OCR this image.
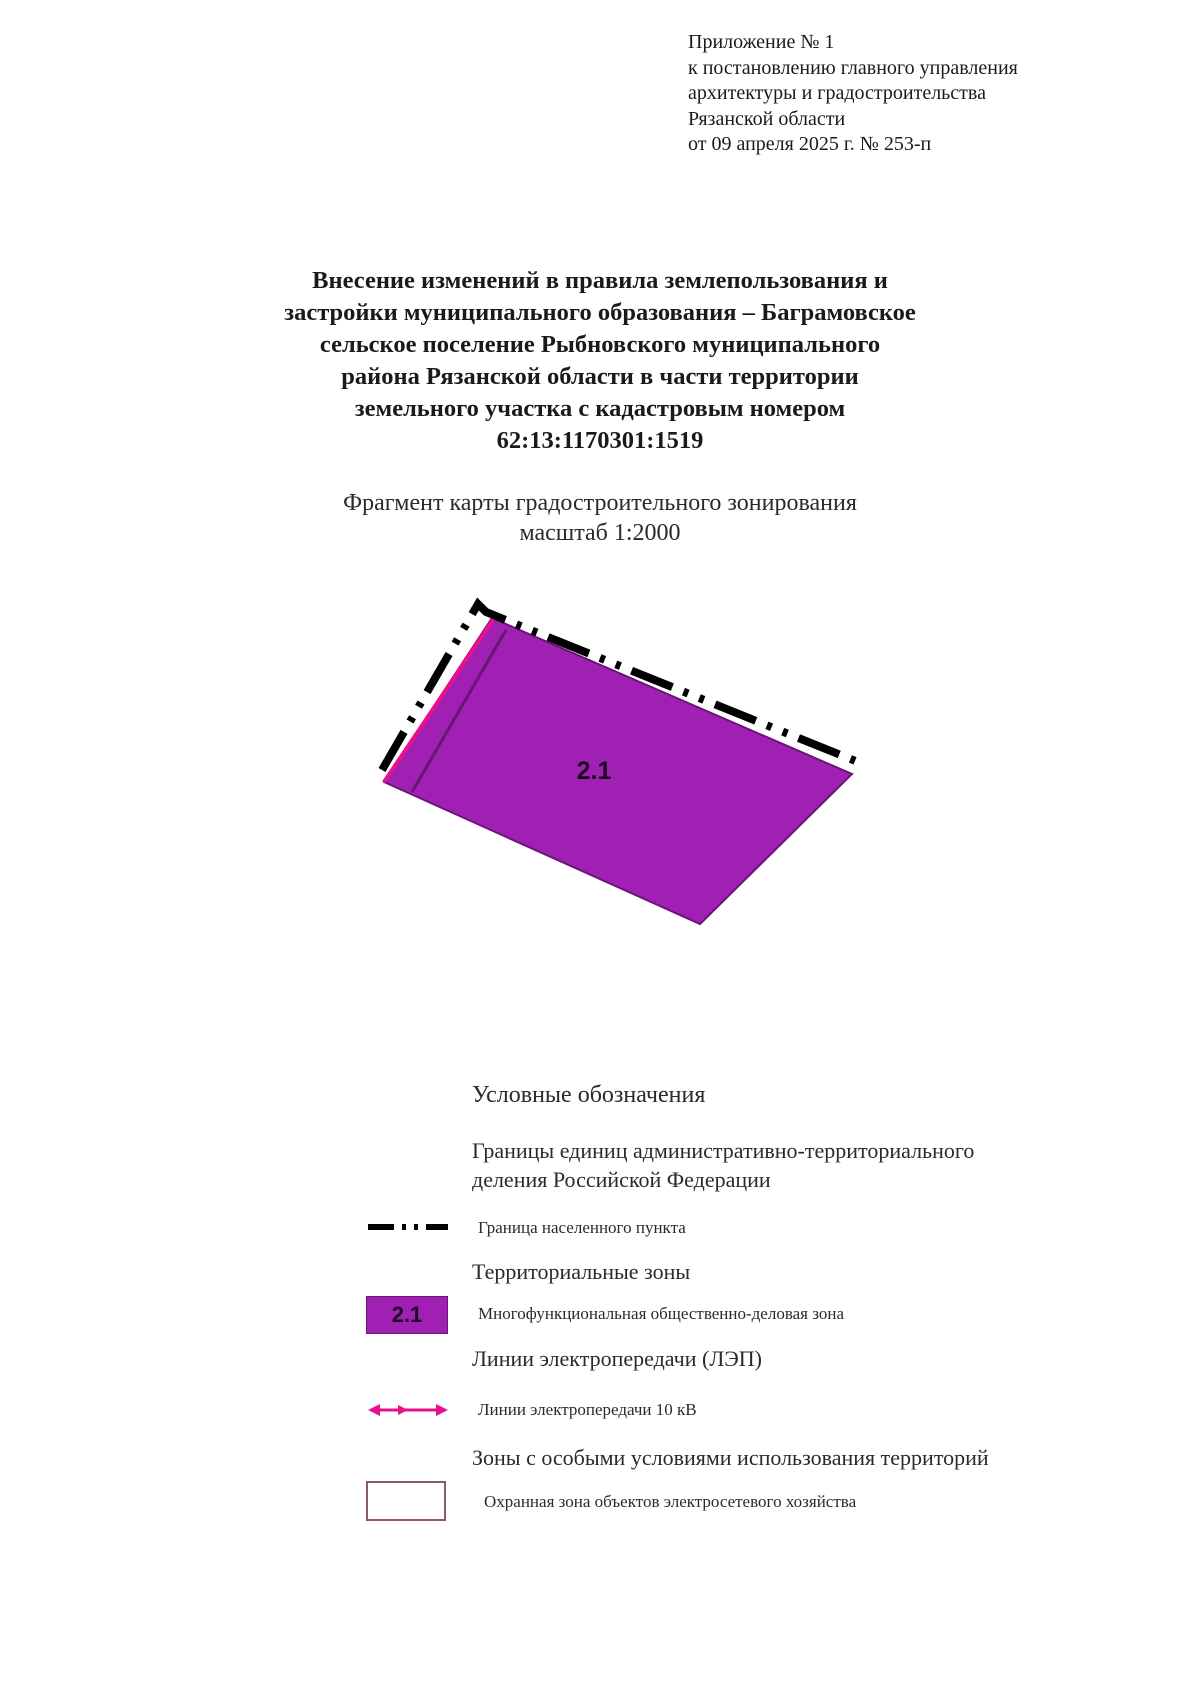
Приложение № 1
к постановлению главного управления
архитектуры и градостроительства
Рязанской области
от 09 апреля 2025 г. № 253-п
Внесение изменений в правила землепользования и
застройки муниципального образования – Баграмовское
сельское поселение Рыбновского муниципального
района Рязанской области в части территории
земельного участка с кадастровым номером
62:13:1170301:1519
Фрагмент карты градостроительного зонирования
масштаб 1:2000
2.1
Условные обозначения
Границы единиц административно-территориального
деления Российской Федерации
Граница населенного пункта
Территориальные зоны
2.1	Многофункциональная общественно-деловая зона
Линии электропередачи (ЛЭП)
Линии электропередачи 10 кВ
Зоны с особыми условиями использования территорий
Охранная зона объектов электросетевого хозяйства
